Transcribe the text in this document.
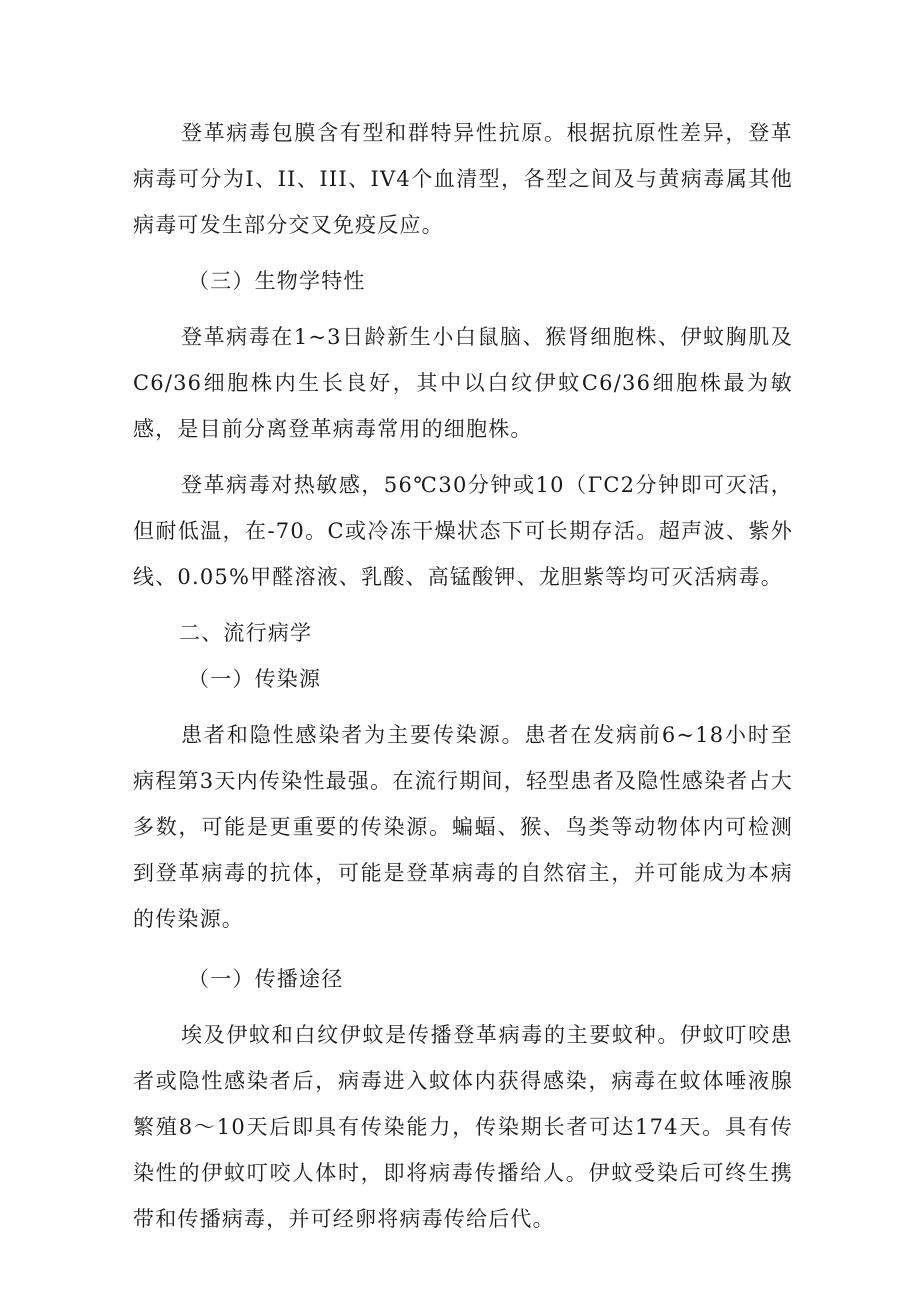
登革病毒包膜含有型和群特异性抗原。根据抗原性差异，登革病毒可分为I、II、III、IV4个血清型，各型之间及与黄病毒属其他病毒可发生部分交叉免疫反应。

（三）生物学特性

登革病毒在1~3日龄新生小白鼠脑、猴肾细胞株、伊蚊胸肌及C6/36细胞株内生长良好，其中以白纹伊蚊C6/36细胞株最为敏感，是目前分离登革病毒常用的细胞株。

登革病毒对热敏感，56℃30分钟或10（ΓC2分钟即可灭活，但耐低温，在-70。C或冷冻干燥状态下可长期存活。超声波、紫外线、0.05%甲醛溶液、乳酸、高锰酸钾、龙胆紫等均可灭活病毒。

二、流行病学

（一）传染源

患者和隐性感染者为主要传染源。患者在发病前6~18小时至病程第3天内传染性最强。在流行期间，轻型患者及隐性感染者占大多数，可能是更重要的传染源。蝙蝠、猴、鸟类等动物体内可检测到登革病毒的抗体，可能是登革病毒的自然宿主，并可能成为本病的传染源。

（一）传播途径

埃及伊蚊和白纹伊蚊是传播登革病毒的主要蚊种。伊蚊叮咬患者或隐性感染者后，病毒进入蚊体内获得感染，病毒在蚊体唾液腺繁殖8～10天后即具有传染能力，传染期长者可达174天。具有传染性的伊蚊叮咬人体时，即将病毒传播给人。伊蚊受染后可终生携带和传播病毒，并可经卵将病毒传给后代。
